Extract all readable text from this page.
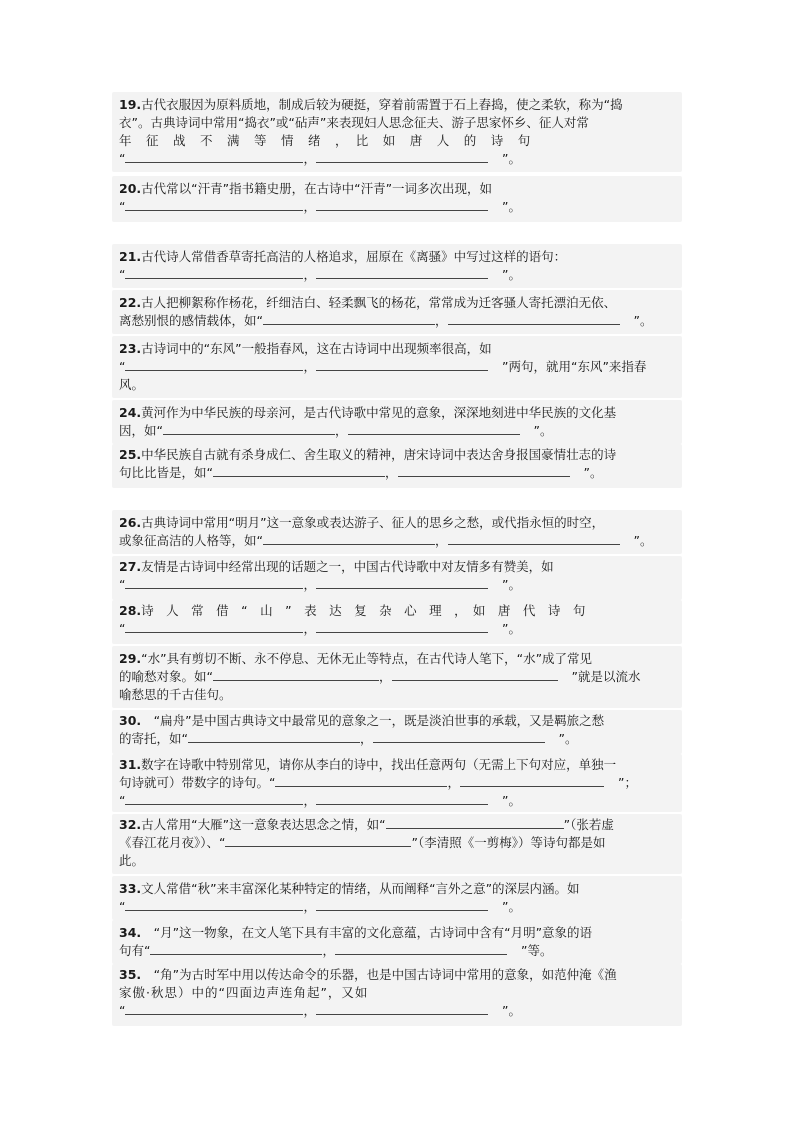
19.古代衣服因为原料质地，制成后较为硬挺，穿着前需置于石上舂捣，使之柔软，称为“捣
衣”。古典诗词中常用“捣衣”或“砧声”来表现妇人思念征夫、游子思家怀乡、征人对常
年　征　战　不　满　等　情　绪　，　比　如　唐　人　的　诗　句
“	，	”。
20.古代常以“汗青”指书籍史册，在古诗中“汗青”一词多次出现，如
“	，	”。
21.古代诗人常借香草寄托高洁的人格追求，屈原在《离骚》中写过这样的语句：
“	，	”。
22.古人把柳絮称作杨花，纤细洁白、轻柔飘飞的杨花，常常成为迁客骚人寄托漂泊无依、
离愁别恨的感情载体，如“	，	”。
23.古诗词中的“东风”一般指春风，这在古诗词中出现频率很高，如
“	，	”两句，就用“东风”来指春
风。
24.黄河作为中华民族的母亲河，是古代诗歌中常见的意象，深深地刻进中华民族的文化基
因，如“	，	”。
25.中华民族自古就有杀身成仁、舍生取义的精神，唐宋诗词中表达舍身报国豪情壮志的诗
句比比皆是，如“	，	”。
26.古典诗词中常用“明月”这一意象或表达游子、征人的思乡之愁，或代指永恒的时空，
或象征高洁的人格等，如“	，	”。
27.友情是古诗词中经常出现的话题之一，中国古代诗歌中对友情多有赞美，如
“	，	”。
28.诗　人　常　借　“　山　”　表　达　复　杂　心　理　，　如　唐　代　诗　句
“	，	”。
29.“水”具有剪切不断、永不停息、无休无止等特点，在古代诗人笔下，“水”成了常见
的喻愁对象。如“	，	”就是以流水
喻愁思的千古佳句。
30.　“扁舟”是中国古典诗文中最常见的意象之一，既是淡泊世事的承载，又是羁旅之愁
的寄托，如“	，	”。
31.数字在诗歌中特别常见，请你从李白的诗中，找出任意两句（无需上下句对应，单独一
句诗就可）带数字的诗句。“	，	”；
“	，	”。
32.古人常用“大雁”这一意象表达思念之情，如“	”（张若虚
《春江花月夜》）、“	”（李清照《一剪梅》）等诗句都是如
此。
33.文人常借“秋”来丰富深化某种特定的情绪，从而阐释“言外之意”的深层内涵。如
“	，	”。
34.　“月”这一物象，在文人笔下具有丰富的文化意蕴，古诗词中含有“月明”意象的语
句有“	，	”等。
35.　“角”为古时军中用以传达命令的乐器，也是中国古诗词中常用的意象，如范仲淹《渔
家傲·秋思）中的“四面边声连角起”，又如
“	，	”。
